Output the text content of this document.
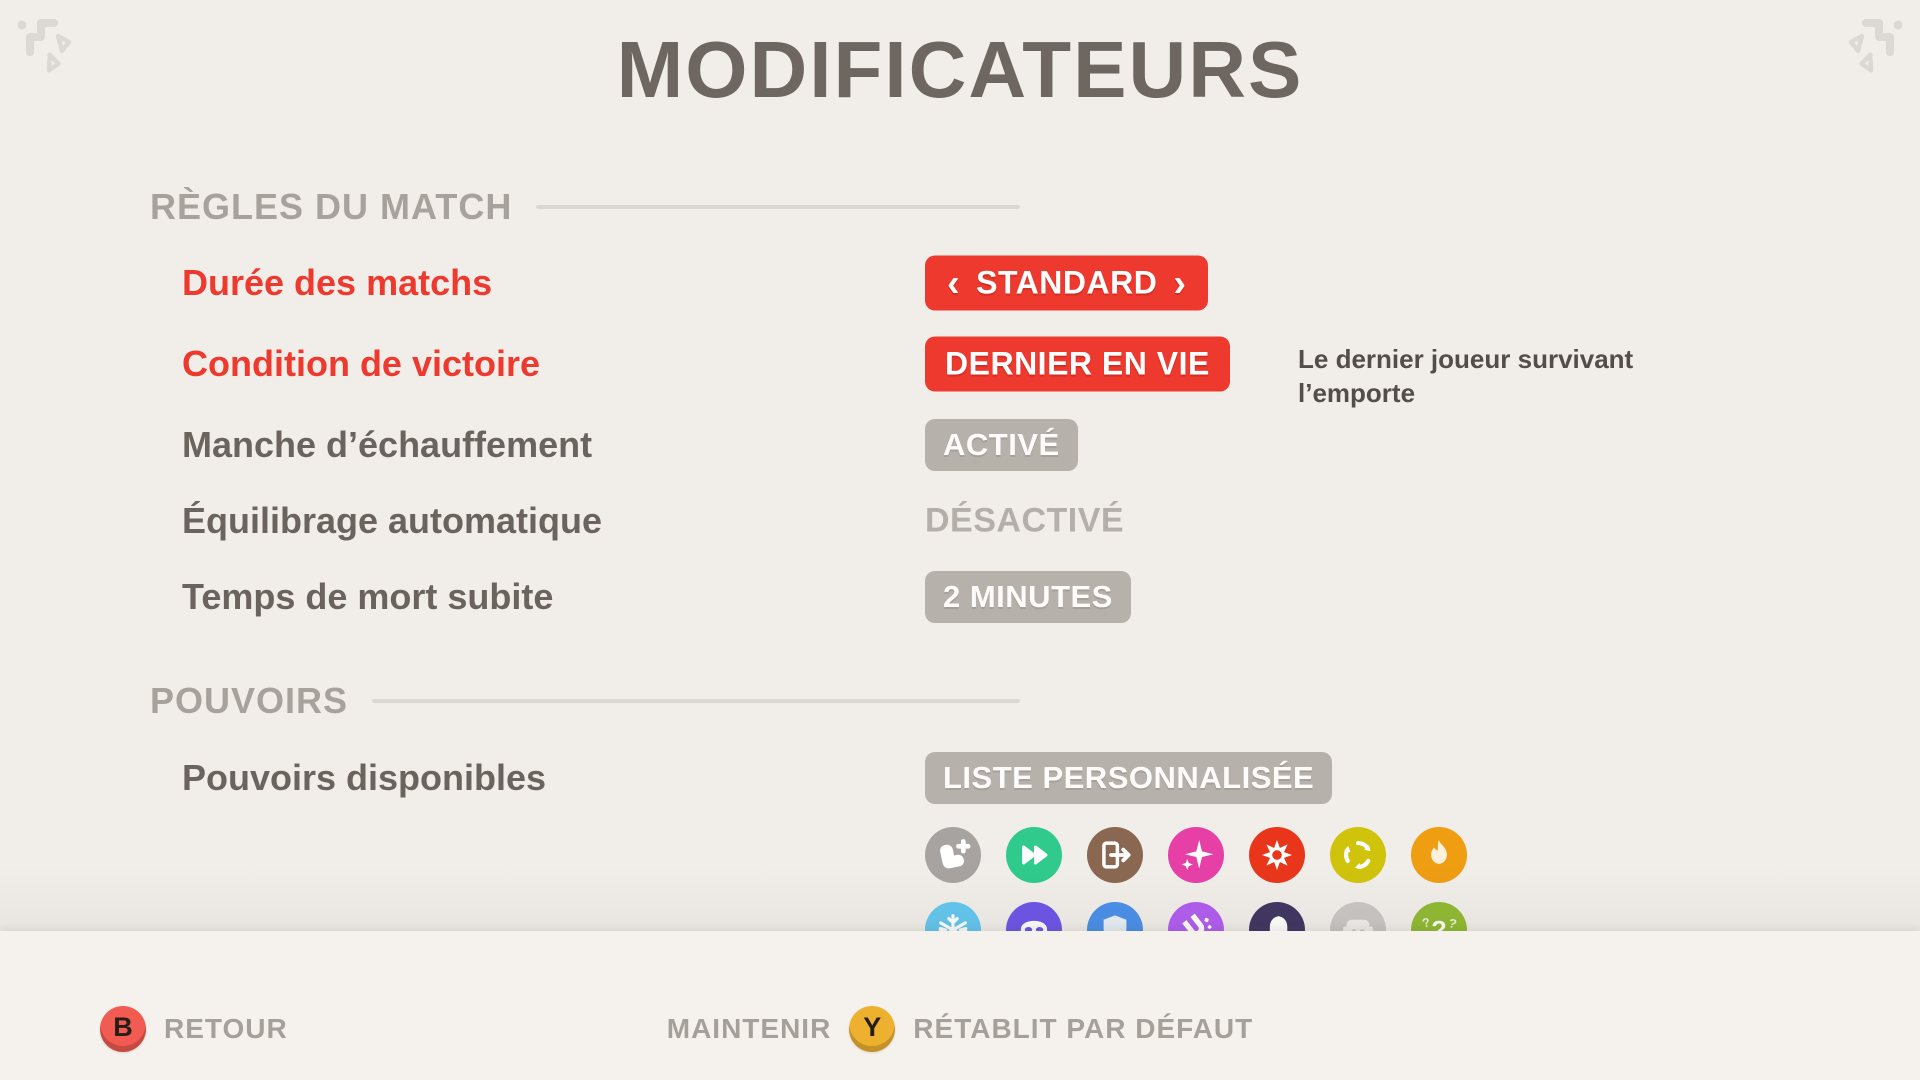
MODIFICATEURS
RÈGLES DU MATCH
Durée des matchs	‹ STANDARD ›
Condition de victoire	DERNIER EN VIE	Le dernier joueur survivant l’emporte
Manche d’échauffement	ACTIVÉ
Équilibrage automatique	DÉSACTIVÉ
Temps de mort subite	2 MINUTES
POUVOIRS
Pouvoirs disponibles	LISTE PERSONNALISÉE
B	RETOUR	MAINTENIR	Y	RÉTABLIT PAR DÉFAUT
